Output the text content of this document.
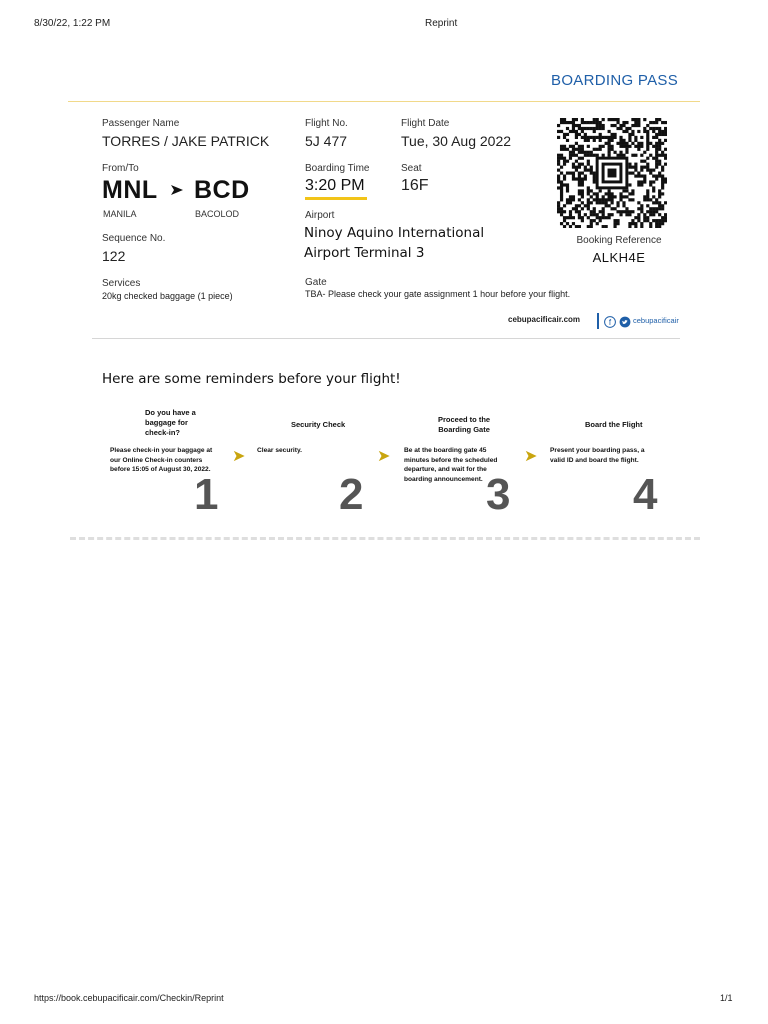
8/30/22, 1:22 PM	Reprint
BOARDING PASS
Passenger Name
TORRES / JAKE PATRICK
Flight No.
5J 477
Flight Date
Tue, 30 Aug 2022
From/To
MNL BCD
MANILA	BACOLOD
Boarding Time
3:20 PM
Seat
16F
Airport
Ninoy Aquino International
Airport Terminal 3
Sequence No.
122
Booking Reference
ALKH4E
Services
20kg checked baggage (1 piece)
Gate
TBA- Please check your gate assignment 1 hour before your flight.
cebupacificair.com	f	cebupacificair
Here are some reminders before your flight!
Do you have a
baggage for
check-in?
Please check-in your baggage at
our Online Check-in counters
before 15:05 of August 30, 2022.
➤
1
Security Check
Clear security.	➤
2
Proceed to the
Boarding Gate
Be at the boarding gate 45
minutes before the scheduled
departure, and wait for the
boarding announcement.
➤
3
Board the Flight
Present your boarding pass, a
valid ID and board the flight.
4
https://book.cebupacificair.com/Checkin/Reprint	1/1
